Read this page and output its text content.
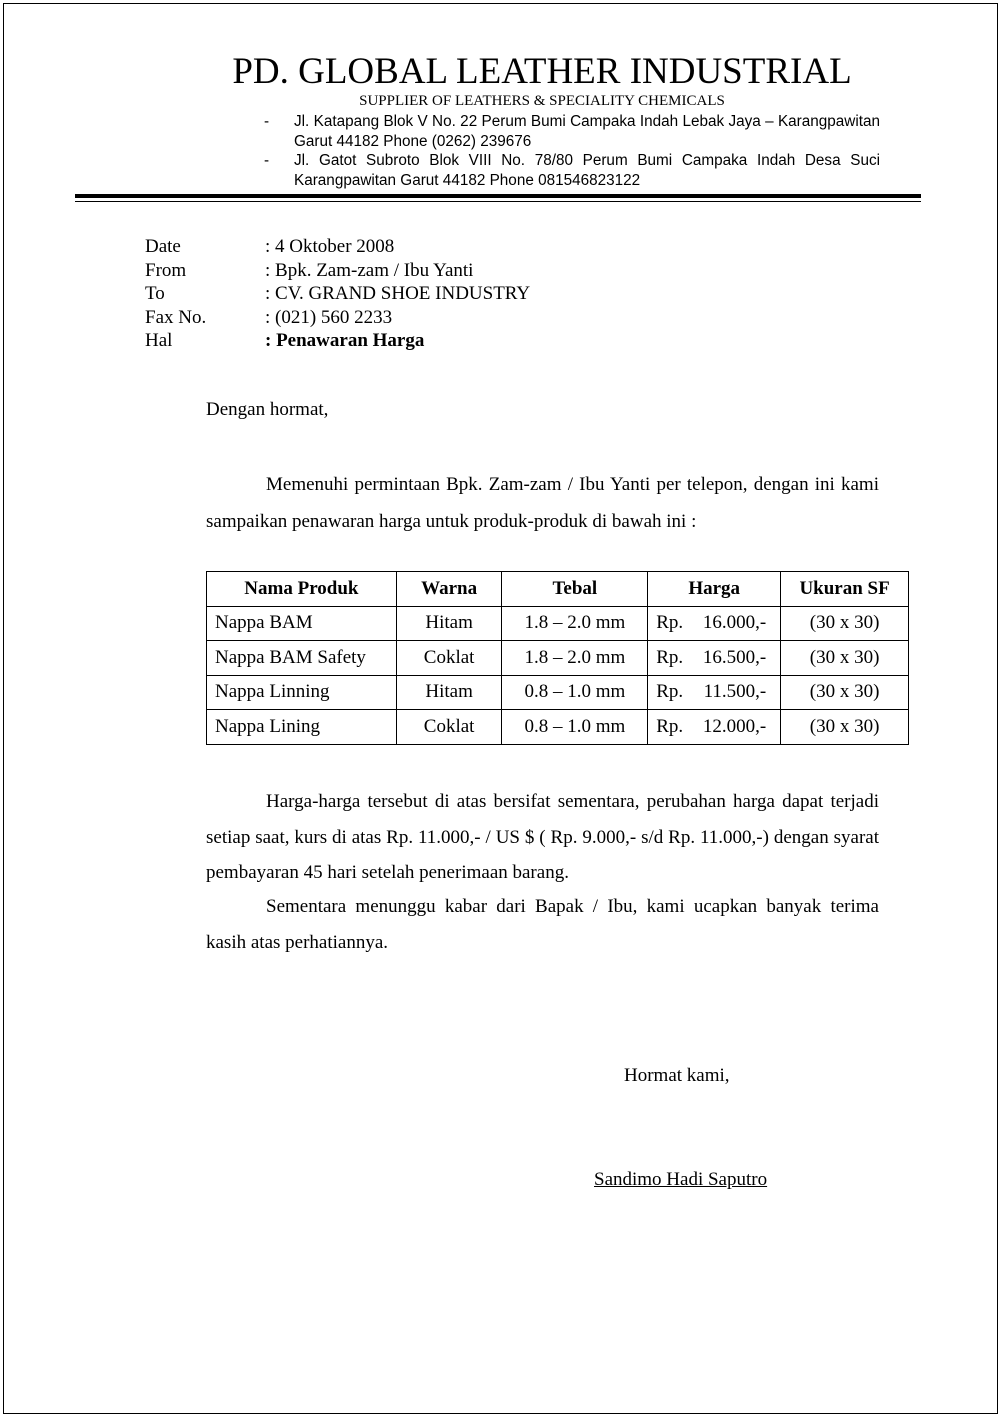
PD. GLOBAL LEATHER INDUSTRIAL
SUPPLIER OF LEATHERS & SPECIALITY CHEMICALS
- Jl. Katapang Blok V No. 22 Perum Bumi Campaka Indah Lebak Jaya – Karangpawitan Garut 44182 Phone (0262) 239676
- Jl. Gatot Subroto Blok VIII No. 78/80 Perum Bumi Campaka Indah Desa Suci Karangpawitan Garut 44182 Phone 081546823122
Date	: 4 Oktober 2008
From	: Bpk. Zam-zam / Ibu Yanti
To	: CV. GRAND SHOE INDUSTRY
Fax No.	: (021) 560 2233
Hal	: Penawaran Harga
Dengan hormat,
Memenuhi permintaan Bpk. Zam-zam / Ibu Yanti per telepon, dengan ini kami sampaikan penawaran harga untuk produk-produk di bawah ini :
Nama Produk	Warna	Tebal	Harga	Ukuran SF
Nappa BAM	Hitam	1.8 – 2.0 mm	Rp. 16.000,-	(30 x 30)
Nappa BAM Safety	Coklat	1.8 – 2.0 mm	Rp. 16.500,-	(30 x 30)
Nappa Linning	Hitam	0.8 – 1.0 mm	Rp. 11.500,-	(30 x 30)
Nappa Lining	Coklat	0.8 – 1.0 mm	Rp. 12.000,-	(30 x 30)
Harga-harga tersebut di atas bersifat sementara, perubahan harga dapat terjadi setiap saat, kurs di atas Rp. 11.000,- / US $ ( Rp. 9.000,- s/d Rp. 11.000,-) dengan syarat pembayaran 45 hari setelah penerimaan barang.
Sementara menunggu kabar dari Bapak / Ibu, kami ucapkan banyak terima kasih atas perhatiannya.
Hormat kami,
Sandimo Hadi Saputro
